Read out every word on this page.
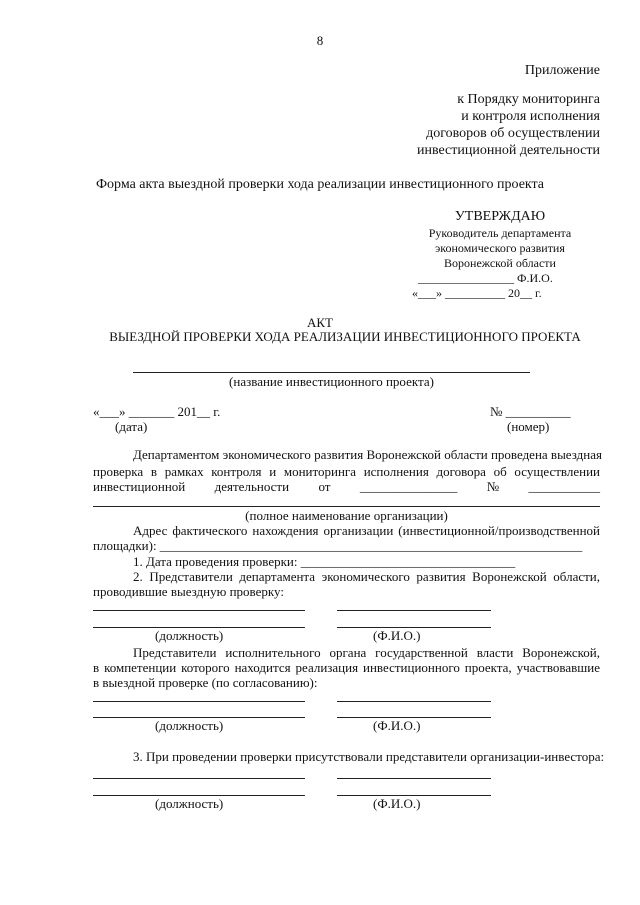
8
Приложение
к Порядку мониторинга
и контроля исполнения
договоров об осуществлении
инвестиционной деятельности
Форма акта выездной проверки хода реализации инвестиционного проекта
УТВЕРЖДАЮ
Руководитель департамента
экономического развития
Воронежской области
________________ Ф.И.О.
«___» __________ 20__ г.
АКТ
ВЫЕЗДНОЙ ПРОВЕРКИ ХОДА РЕАЛИЗАЦИИ ИНВЕСТИЦИОННОГО ПРОЕКТА
(название инвестиционного проекта)
«___» _______ 201__ г.
(дата)
№ __________
(номер)
Департаментом экономического развития Воронежской области проведена выездная
проверка в рамках контроля и мониторинга исполнения договора об осуществлении
инвестиционной деятельности от _______________ № ___________
(полное наименование организации)
Адрес фактического нахождения организации (инвестиционной/производственной
площадки): _________________________________________________________________
1. Дата проведения проверки: _________________________________
2. Представители департамента экономического развития Воронежской области,
проводившие выездную проверку:
(должность)	(Ф.И.О.)
Представители исполнительного органа государственной власти Воронежской,
в компетенции которого находится реализация инвестиционного проекта, участвовавшие
в выездной проверке (по согласованию):
(должность)	(Ф.И.О.)
3. При проведении проверки присутствовали представители организации-инвестора:
(должность)	(Ф.И.О.)
